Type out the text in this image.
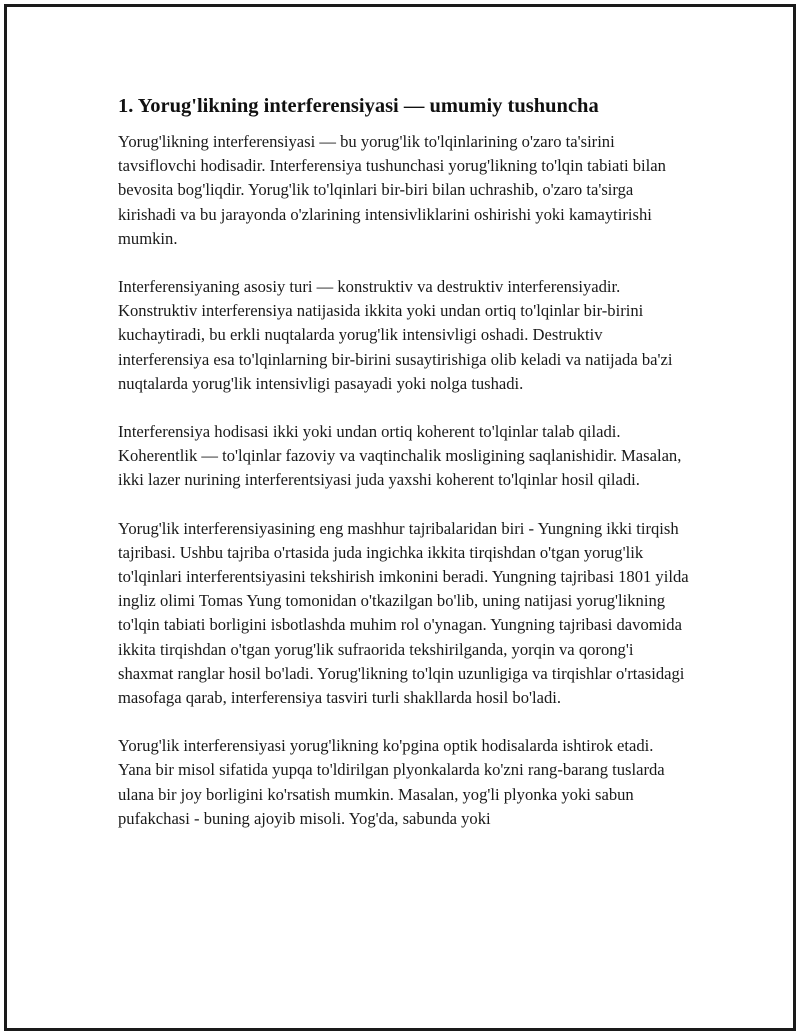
1. Yorug'likning interferensiyasi — umumiy tushuncha

Yorug'likning interferensiyasi — bu yorug'lik to'lqinlarining o'zaro ta'sirini tavsiflovchi hodisadir. Interferensiya tushunchasi yorug'likning to'lqin tabiati bilan bevosita bog'liqdir. Yorug'lik to'lqinlari bir-biri bilan uchrashib, o'zaro ta'sirga kirishadi va bu jarayonda o'zlarining intensivliklarini oshirishi yoki kamaytirishi mumkin.

Interferensiyaning asosiy turi — konstruktiv va destruktiv interferensiyadir. Konstruktiv interferensiya natijasida ikkita yoki undan ortiq to'lqinlar bir-birini kuchaytiradi, bu erkli nuqtalarda yorug'lik intensivligi oshadi. Destruktiv interferensiya esa to'lqinlarning bir-birini susaytirishiga olib keladi va natijada ba'zi nuqtalarda yorug'lik intensivligi pasayadi yoki nolga tushadi.

Interferensiya hodisasi ikki yoki undan ortiq koherent to'lqinlar talab qiladi. Koherentlik — to'lqinlar fazoviy va vaqtinchalik mosligining saqlanishidir. Masalan, ikki lazer nurining interferentsiyasi juda yaxshi koherent to'lqinlar hosil qiladi.

Yorug'lik interferensiyasining eng mashhur tajribalaridan biri - Yungning ikki tirqish tajribasi. Ushbu tajriba o'rtasida juda ingichka ikkita tirqishdan o'tgan yorug'lik to'lqinlari interferentsiyasini tekshirish imkonini beradi. Yungning tajribasi 1801 yilda ingliz olimi Tomas Yung tomonidan o'tkazilgan bo'lib, uning natijasi yorug'likning to'lqin tabiati borligini isbotlashda muhim rol o'ynagan. Yungning tajribasi davomida ikkita tirqishdan o'tgan yorug'lik sufraorida tekshirilganda, yorqin va qorong'i shaxmat ranglar hosil bo'ladi. Yorug'likning to'lqin uzunligiga va tirqishlar o'rtasidagi masofaga qarab, interferensiya tasviri turli shakllarda hosil bo'ladi.

Yorug'lik interferensiyasi yorug'likning ko'pgina optik hodisalarda ishtirok etadi. Yana bir misol sifatida yupqa to'ldirilgan plyonkalarda ko'zni rang-barang tuslarda ulana bir joy borligini ko'rsatish mumkin. Masalan, yog'li plyonka yoki sabun pufakchasi - buning ajoyib misoli. Yog'da, sabunda yoki
